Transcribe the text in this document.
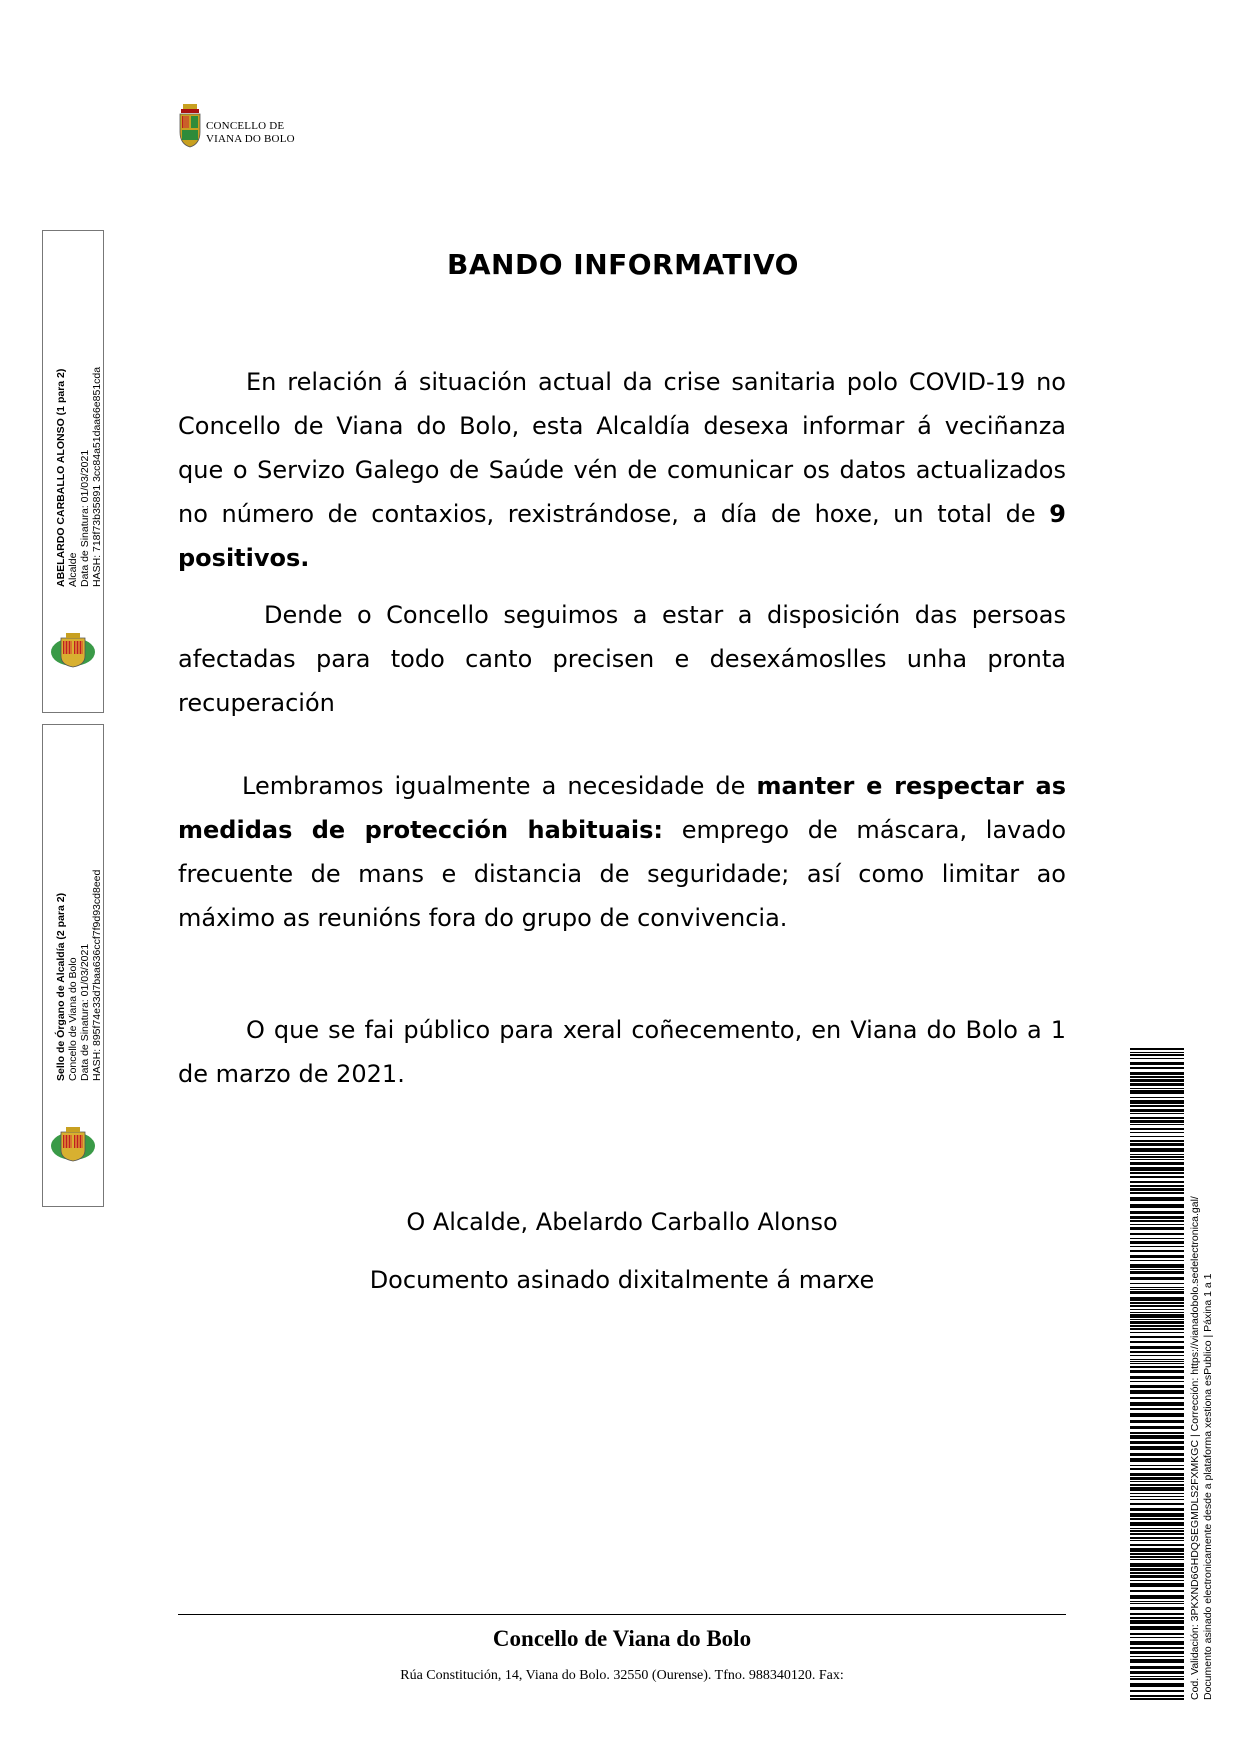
CONCELLO DE
VIANA DO BOLO
ABELARDO CARBALLO ALONSO (1 para 2) Alcalde Data de Sinatura: 01/03/2021 HASH: 718f73b35891 3cc84a51daa66e851cda
Sello de Órgano de Alcaldía (2 para 2) Concello de Viana do Bolo Data de Sinatura: 01/03/2021 HASH: 895f74e33d7baa636ccf7f9d93cd8eed
BANDO INFORMATIVO
En relación á situación actual da crise sanitaria polo COVID-19 no Concello de Viana do Bolo, esta Alcaldía desexa informar á veciñanza que o Servizo Galego de Saúde vén de comunicar os datos actualizados no número de contaxios, rexistrándose, a día de hoxe, un total de 9 positivos.
Dende o Concello seguimos a estar a disposición das persoas afectadas para todo canto precisen e desexámoslles unha pronta recuperación
Lembramos igualmente a necesidade de manter e respectar as medidas de protección habituais: emprego de máscara, lavado frecuente de mans e distancia de seguridade; así como limitar ao máximo as reunións fora do grupo de convivencia.
O que se fai público para xeral coñecemento, en Viana do Bolo a 1 de marzo de 2021.
O Alcalde, Abelardo Carballo Alonso
Documento asinado dixitalmente á marxe
Concello de Viana do Bolo
Rúa Constitución, 14, Viana do Bolo. 32550 (Ourense). Tfno. 988340120. Fax:	Cod. Validación: 3PKXND6GHDQSEGMDLS2FXMKGC | Corrección: https://vianadobolo.sedelectronica.gal/ Documento asinado electronicamente desde a plataforma xestiona esPublico | Páxina 1 a 1
